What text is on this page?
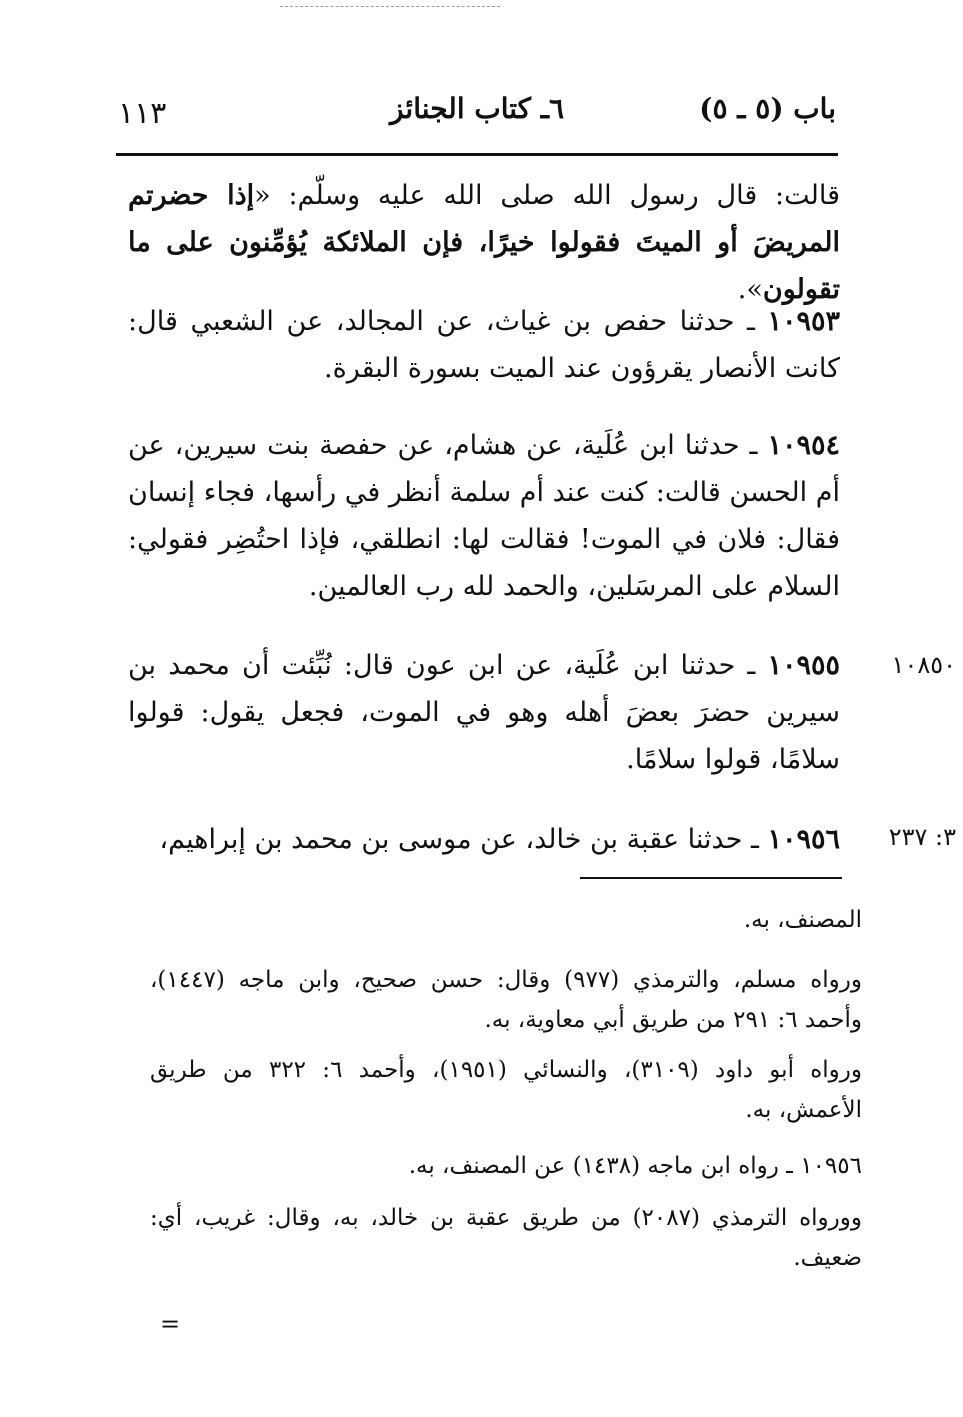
١١٣	٦ـ كتاب الجنائز	باب (٥ ـ ٥)
قالت: قال رسول الله صلى الله عليه وسلّم: «إذا حضرتم المريضَ أو الميتَ فقولوا خيرًا، فإن الملائكة يُؤمِّنون على ما تقولون».
١٠٩٥٣ ـ حدثنا حفص بن غياث، عن المجالد، عن الشعبي قال: كانت الأنصار يقرؤون عند الميت بسورة البقرة.
١٠٩٥٤ ـ حدثنا ابن عُلَية، عن هشام، عن حفصة بنت سيرين، عن أم الحسن قالت: كنت عند أم سلمة أنظر في رأسها، فجاء إنسان فقال: فلان في الموت! فقالت لها: انطلقي، فإذا احتُضِر فقولي: السلام على المرسَلين، والحمد لله رب العالمين.
١٠٩٥٥ ـ حدثنا ابن عُلَية، عن ابن عون قال: نُبِّئت أن محمد بن سيرين حضرَ بعضَ أهله وهو في الموت، فجعل يقول: قولوا سلامًا، قولوا سلامًا.
١٠٨٥٠
١٠٩٥٦ ـ حدثنا عقبة بن خالد، عن موسى بن محمد بن إبراهيم،	٣: ٢٣٧
المصنف، به.
ورواه مسلم، والترمذي (٩٧٧) وقال: حسن صحيح، وابن ماجه (١٤٤٧)، وأحمد ٦: ٢٩١ من طريق أبي معاوية، به.
ورواه أبو داود (٣١٠٩)، والنسائي (١٩٥١)، وأحمد ٦: ٣٢٢ من طريق الأعمش، به.
١٠٩٥٦ ـ رواه ابن ماجه (١٤٣٨) عن المصنف، به.
وورواه الترمذي (٢٠٨٧) من طريق عقبة بن خالد، به، وقال: غريب، أي: ضعيف.
=
